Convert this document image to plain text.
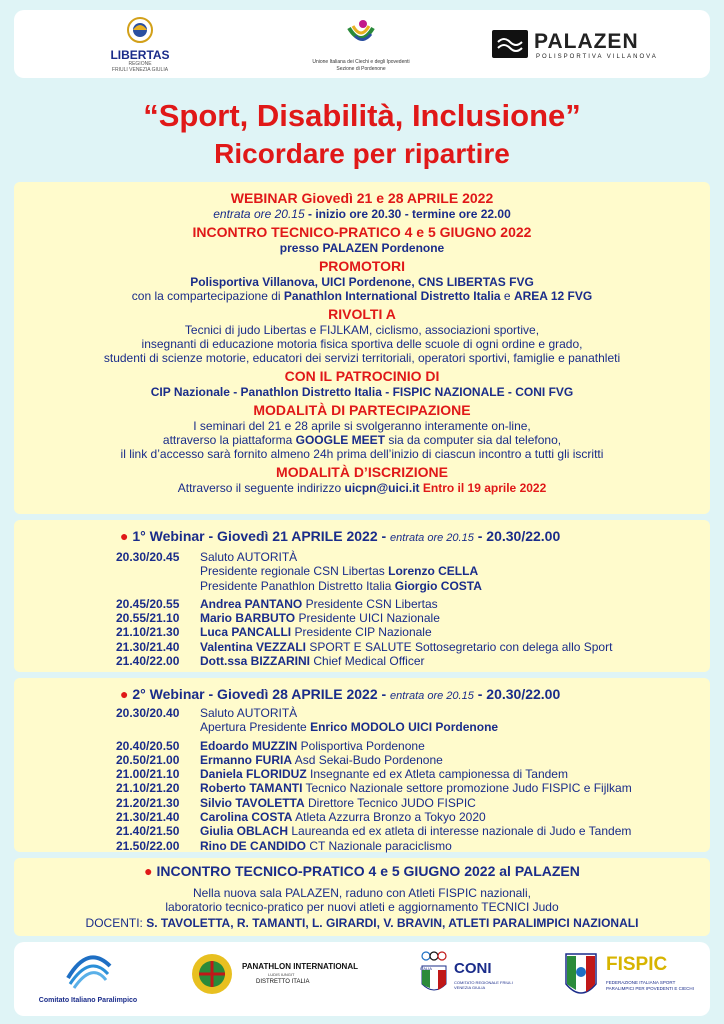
LIBERTAS
REGIONE
FRIULI VENEZIA GIULIA
Unione Italiana dei Ciechi e degli Ipovedenti
Sezione di Pordenone
PALAZEN
POLISPORTIVA VILLANOVA
“Sport, Disabilità, Inclusione”
Ricordare per ripartire
WEBINAR Giovedì 21 e 28 APRILE 2022
entrata ore 20.15 - inizio ore 20.30 - termine ore 22.00
INCONTRO TECNICO-PRATICO 4 e 5 GIUGNO 2022
presso PALAZEN Pordenone
PROMOTORI
Polisportiva Villanova, UICI Pordenone, CNS LIBERTAS FVG
con la compartecipazione di Panathlon International Distretto Italia e AREA 12 FVG
RIVOLTI A
Tecnici di judo Libertas e FIJLKAM, ciclismo, associazioni sportive,
insegnanti di educazione motoria fisica sportiva delle scuole di ogni ordine e grado,
studenti di scienze motorie, educatori dei servizi territoriali, operatori sportivi, famiglie e panathleti
CON IL PATROCINIO DI
CIP Nazionale - Panathlon Distretto Italia - FISPIC NAZIONALE - CONI FVG
MODALITÀ DI PARTECIPAZIONE
I seminari del 21 e 28 aprile si svolgeranno interamente on-line,
attraverso la piattaforma GOOGLE MEET sia da computer sia dal telefono,
il link d’accesso sarà fornito almeno 24h prima dell’inizio di ciascun incontro a tutti gli iscritti
MODALITÀ D’ISCRIZIONE
Attraverso il seguente indirizzo uicpn@uici.it Entro il 19 aprile 2022
● 1° Webinar - Giovedì 21 APRILE 2022 - entrata ore 20.15 - 20.30/22.00
20.30/20.45	Saluto AUTORITÀ
Presidente regionale CSN Libertas Lorenzo CELLA
Presidente Panathlon Distretto Italia Giorgio COSTA
20.45/20.55	Andrea PANTANO Presidente CSN Libertas
20.55/21.10	Mario BARBUTO Presidente UICI Nazionale
21.10/21.30	Luca PANCALLI Presidente CIP Nazionale
21.30/21.40	Valentina VEZZALI SPORT E SALUTE Sottosegretario con delega allo Sport
21.40/22.00	Dott.ssa BIZZARINI Chief Medical Officer
● 2° Webinar - Giovedì 28 APRILE 2022 - entrata ore 20.15 - 20.30/22.00
20.30/20.40	Saluto AUTORITÀ
Apertura Presidente Enrico MODOLO UICI Pordenone
20.40/20.50	Edoardo MUZZIN Polisportiva Pordenone
20.50/21.00	Ermanno FURIA Asd Sekai-Budo Pordenone
21.00/21.10	Daniela FLORIDUZ Insegnante ed ex Atleta campionessa di Tandem
21.10/21.20	Roberto TAMANTI Tecnico Nazionale settore promozione Judo FISPIC e Fijlkam
21.20/21.30	Silvio TAVOLETTA Direttore Tecnico JUDO FISPIC
21.30/21.40	Carolina COSTA Atleta Azzurra Bronzo a Tokyo 2020
21.40/21.50	Giulia OBLACH Laureanda ed ex atleta di interesse nazionale di Judo e Tandem
21.50/22.00	Rino DE CANDIDO CT Nazionale paraciclismo
● INCONTRO TECNICO-PRATICO 4 e 5 GIUGNO 2022 al PALAZEN
Nella nuova sala PALAZEN, raduno con Atleti FISPIC nazionali,
laboratorio tecnico-pratico per nuovi atleti e aggiornamento TECNICI Judo
DOCENTI: S. TAVOLETTA, R. TAMANTI, L. GIRARDI, V. BRAVIN, ATLETI PARALIMPICI NAZIONALI
Comitato Italiano Paralimpico
PANATHLON INTERNATIONAL
LUDIS IUNGIT
DISTRETTO ITALIA
ITALIA CONI
COMITATO REGIONALE FRIULI VENEZIA GIULIA
FISPIC
FEDERAZIONE ITALIANA SPORT PARALIMPICI PER IPOVEDENTI E CIECHI
